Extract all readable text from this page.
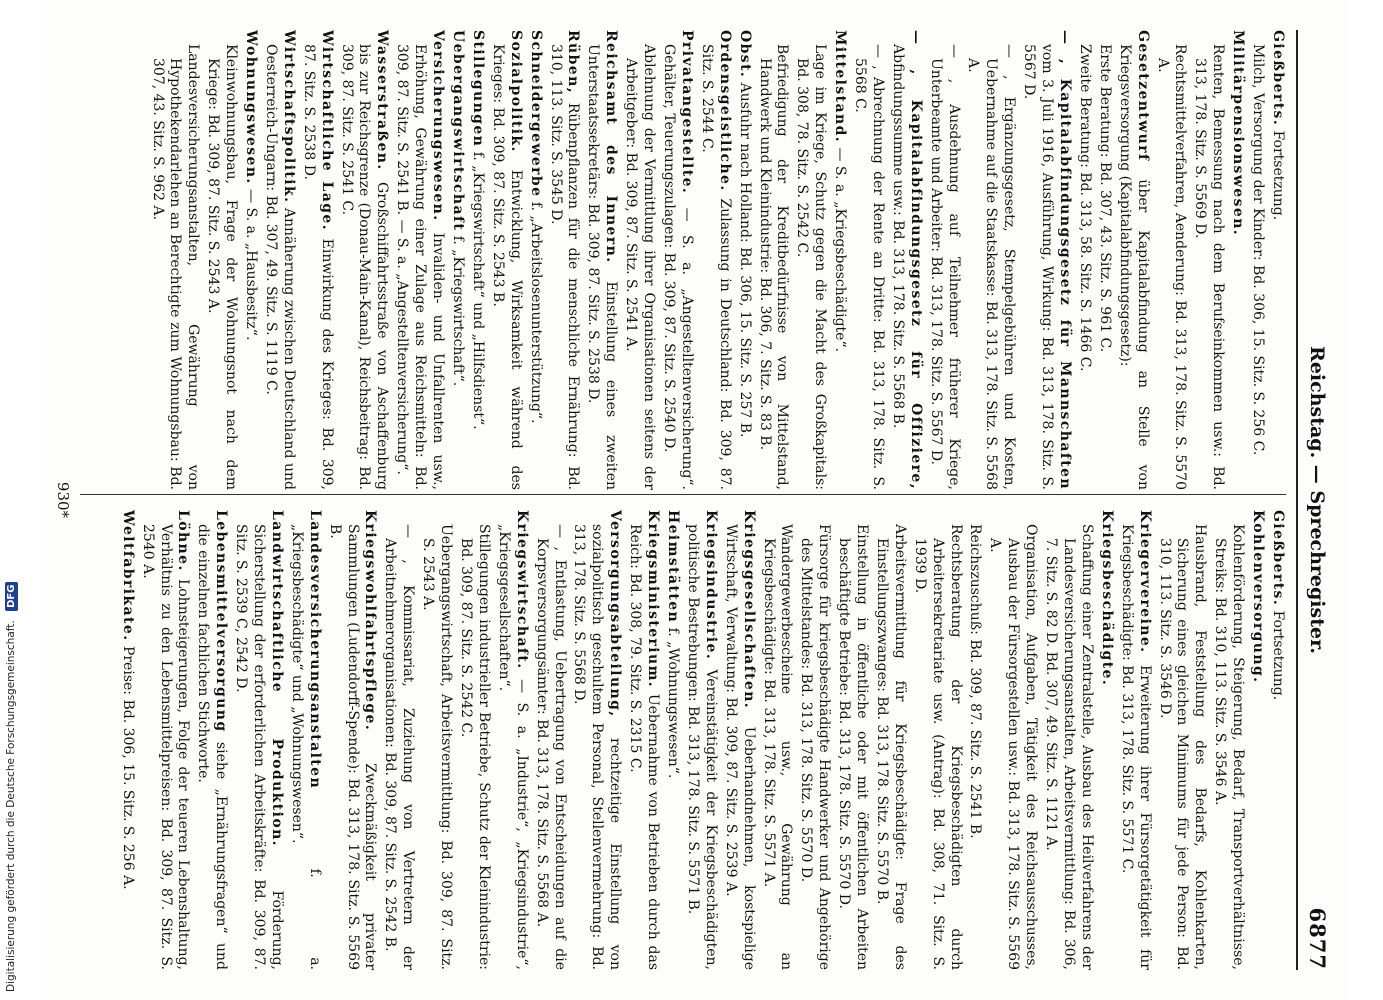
Reichstag. — Sprechregister.
6877

Gießberts. Fortsetzung.

Kohlenversorgung.

Kohlenförderung, Steigerung, Bedarf, Transportverhältnisse, Streiks: Bd. 310, 113. Sitz. S. 3546 A.

Hausbrand, Feststellung des Bedarfs, Kohlenkarten, Sicherung eines gleichen Minimums für jede Person: Bd. 310, 113. Sitz. S. 3546 D.

Kriegervereine. Erweiterung ihrer Fürsorgetätigkeit für Kriegsbeschädigte: Bd. 313, 178. Sitz. S. 5571 C.

Kriegsbeschädigte.

Schaffung einer Zentralstelle, Ausbau des Heilverfahrens der Landesversicherungsanstalten, Arbeitsvermittlung: Bd. 306, 7. Sitz. S. 82 D. Bd. 307, 49. Sitz. S. 1121 A.

Organisation, Aufgaben, Tätigkeit des Reichsausschusses, Ausbau der Fürsorgestellen usw.: Bd. 313, 178. Sitz. S. 5569 A.

Reichszuschuß: Bd. 309, 87. Sitz. S. 2541 B.

Rechtsberatung der Kriegsbeschädigten durch Arbeitersekretariate usw. (Antrag): Bd. 308, 71. Sitz. S. 1939 D.

Arbeitsvermittlung für Kriegsbeschädigte: Frage des Einstellungszwanges: Bd. 313, 178. Sitz. S. 5570 B.

Einstellung in öffentliche oder mit öffentlichen Arbeiten beschäftigte Betriebe: Bd. 313, 178. Sitz. S. 5570 D.

Fürsorge für kriegsbeschädigte Handwerker und Angehörige des Mittelstandes: Bd. 313, 178. Sitz. S. 5570 D.

Wandergewerbescheine usw., Gewährung an Kriegsbeschädigte: Bd. 313, 178. Sitz. S. 5571 A.

Kriegsgesellschaften. Ueberhandnehmen, kostspielige Wirtschaft, Verwaltung: Bd. 309, 87. Sitz. S. 2539 A.

Kriegsindustrie. Vereinstätigkeit der Kriegsbeschädigten, politische Bestrebungen: Bd. 313, 178. Sitz. S. 5571 B.

Heimstätten f. „Wohnungswesen“.

Kriegsministerium. Uebernahme von Betrieben durch das Reich: Bd. 308, 79. Sitz. S. 2315 C.

Versorgungsabteilung, rechtzeitige Einstellung von sozialpolitisch geschultem Personal, Stellenvermehrung: Bd. 313, 178. Sitz. S. 5568 D.

— , Entlastung, Uebertragung von Entscheidungen auf die Korpsversorgungsämter: Bd. 313, 178. Sitz. S. 5568 A.

Kriegswirtschaft. — S. a. „Industrie“, „Kriegsindustrie“, „Kriegsgesellschaften“.

Stillegungen industrieller Betriebe, Schutz der Kleinindustrie: Bd. 309, 87. Sitz. S. 2542 C.

Uebergangswirtschaft, Arbeitsvermittlung: Bd. 309, 87. Sitz. S. 2543 A.

— , Kommissariat, Zuziehung von Vertretern der Arbeitnehmerorganisationen: Bd. 309, 87. Sitz. S. 2542 B.

Kriegswohlfahrtspflege. Zweckmäßigkeit privater Sammlungen (Ludendorff-Spende): Bd. 313, 178. Sitz. S. 5569 B.

Landesversicherungsanstalten f. a. „Kriegsbeschädigte“ und „Wohnungswesen“.

Landwirtschaftliche Produktion. Förderung, Sicherstellung der erforderlichen Arbeitskräfte: Bd. 309, 87. Sitz. S. 2539 C, 2542 D.

Lebensmittelversorgung siehe „Ernährungsfragen“ und die einzelnen fachlichen Stichworte.

Löhne. Lohnsteigerungen, Folge der teueren Lebenshaltung, Verhältnis zu den Lebensmittelpreisen: Bd. 309, 87. Sitz. S. 2540 A.

Weltfabrikate. Preise: Bd. 306, 15. Sitz. S. 256 A.

Gießberts. Fortsetzung.

Milch, Versorgung der Kinder: Bd. 306, 15. Sitz. S. 256 C.

Militärpensionswesen.

Renten, Bemessung nach dem Berufseinkommen usw.: Bd. 313, 178. Sitz. S. 5569 D.

Rechtsmittelverfahren, Aenderung: Bd. 313, 178. Sitz. S. 5570 A.

Gesetzentwurf über Kapitalabfindung an Stelle von Kriegsversorgung (Kapitalabfindungsgesetz):

Erste Beratung: Bd. 307, 43. Sitz. S. 961 C.

Zweite Beratung: Bd. 313, 58. Sitz. S. 1466 C.

— , Kapitalabfindungsgesetz für Mannschaften vom 3. Juli 1916, Ausführung, Wirkung: Bd. 313, 178. Sitz. S. 5567 D.

— , Ergänzungsgesetz, Stempelgebühren und Kosten, Uebernahme auf die Staatskasse: Bd. 313, 178. Sitz. S. 5568 A.

— , Ausdehnung auf Teilnehmer früherer Kriege, Unterbeamte und Arbeiter: Bd. 313, 178. Sitz. S. 5567 D.

— , Kapitalabfindungsgesetz für Offiziere, Abfindungssumme usw.: Bd. 313, 178. Sitz. S. 5568 B.

— , Abrechnung der Rente an Dritte: Bd. 313, 178. Sitz. S. 5568 C.

Mittelstand. — S. a. „Kriegsbeschädigte“.

Lage im Kriege, Schutz gegen die Macht des Großkapitals: Bd. 308, 78. Sitz. S. 2542 C.

Befriedigung der Kreditbedürfnisse von Mittelstand, Handwerk und Kleinindustrie: Bd. 306, 7. Sitz. S. 83 B.

Obst. Ausfuhr nach Holland: Bd. 306, 15. Sitz. S. 257 B.

Ordensgeistliche. Zulassung in Deutschland: Bd. 309, 87. Sitz. S. 2544 C.

Privatangestellte. — S. a. „Angestelltenversicherung“. Gehälter, Teuerungszulagen: Bd. 309, 87. Sitz. S. 2540 D.

Ablehnung der Vermittlung ihrer Organisationen seitens der Arbeitgeber: Bd. 309, 87. Sitz. S. 2541 A.

Reichsamt des Innern. Einstellung eines zweiten Unterstaatssekretärs: Bd. 309, 87. Sitz. S. 2538 D.

Rüben, Rübenpflanzen für die menschliche Ernährung: Bd. 310, 113. Sitz. S. 3545 D.

Schneidergewerbe f. „Arbeitslosenunterstützung“.

Sozialpolitik. Entwicklung, Wirksamkeit während des Krieges: Bd. 309, 87. Sitz. S. 2543 B.

Stillegungen f. „Kriegswirtschaft“ und „Hilfsdienst“.

Uebergangswirtschaft f. „Kriegswirtschaft“.

Versicherungswesen. Invaliden- und Unfallrenten usw., Erhöhung, Gewährung einer Zulage aus Reichsmitteln: Bd. 309, 87. Sitz. S. 2541 B. — S. a. „Angestelltenversicherung“.

Wasserstraßen. Großschiffahrtsstraße von Aschaffenburg bis zur Reichsgrenze (Donau-Main-Kanal), Reichsbeitrag: Bd. 309, 87. Sitz. S. 2541 C.

Wirtschaftliche Lage. Einwirkung des Krieges: Bd. 309, 87. Sitz. S. 2538 D.

Wirtschaftspolitik. Annäherung zwischen Deutschland und Oesterreich-Ungarn: Bd. 307, 49. Sitz. S. 1119 C.

Wohnungswesen. — S. a. „Hausbesitz“.

Kleinwohnungsbau, Frage der Wohnungsnot nach dem Kriege: Bd. 309, 87. Sitz. S. 2543 A.

Landesversicherungsanstalten, Gewährung von Hypothekendarlehen an Berechtigte zum Wohnungsbau: Bd. 307, 43. Sitz. S. 962 A.

930*
Digitalisierung gefördert durch die Deutsche Forschungsgemeinschaft. DFG
